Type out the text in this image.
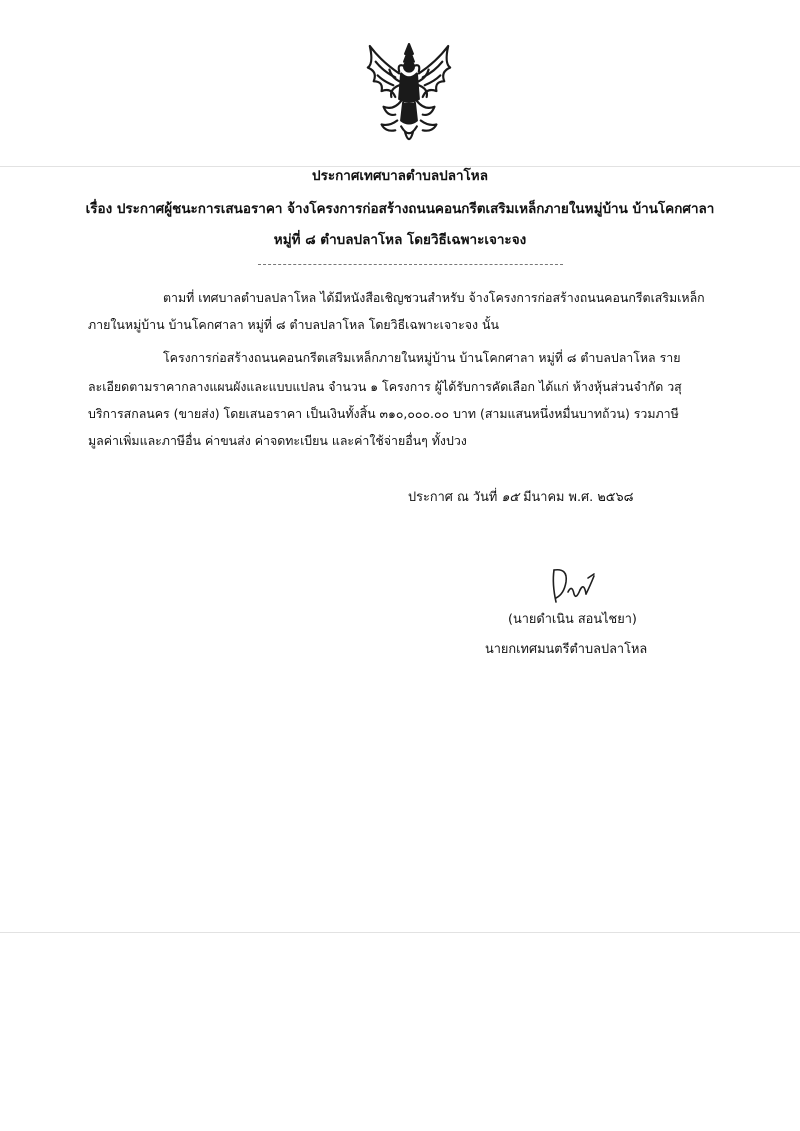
ประกาศเทศบาลตำบลปลาโหล
เรื่อง ประกาศผู้ชนะการเสนอราคา จ้างโครงการก่อสร้างถนนคอนกรีตเสริมเหล็กภายในหมู่บ้าน บ้านโคกศาลา
หมู่ที่ ๘ ตำบลปลาโหล โดยวิธีเฉพาะเจาะจง
ตามที่ เทศบาลตำบลปลาโหล ได้มีหนังสือเชิญชวนสำหรับ จ้างโครงการก่อสร้างถนนคอนกรีตเสริมเหล็ก
ภายในหมู่บ้าน บ้านโคกศาลา หมู่ที่ ๘ ตำบลปลาโหล โดยวิธีเฉพาะเจาะจง นั้น
โครงการก่อสร้างถนนคอนกรีตเสริมเหล็กภายในหมู่บ้าน บ้านโคกศาลา หมู่ที่ ๘ ตำบลปลาโหล ราย
ละเอียดตามราคากลางแผนผังและแบบแปลน จำนวน ๑ โครงการ ผู้ได้รับการคัดเลือก ได้แก่ ห้างหุ้นส่วนจำกัด วสุ
บริการสกลนคร (ขายส่ง) โดยเสนอราคา เป็นเงินทั้งสิ้น ๓๑๐,๐๐๐.๐๐ บาท (สามแสนหนึ่งหมื่นบาทถ้วน) รวมภาษี
มูลค่าเพิ่มและภาษีอื่น ค่าขนส่ง ค่าจดทะเบียน และค่าใช้จ่ายอื่นๆ ทั้งปวง
ประกาศ ณ วันที่ ๑๕ มีนาคม พ.ศ. ๒๕๖๘
(นายดำเนิน สอนไชยา)
นายกเทศมนตรีตำบลปลาโหล
